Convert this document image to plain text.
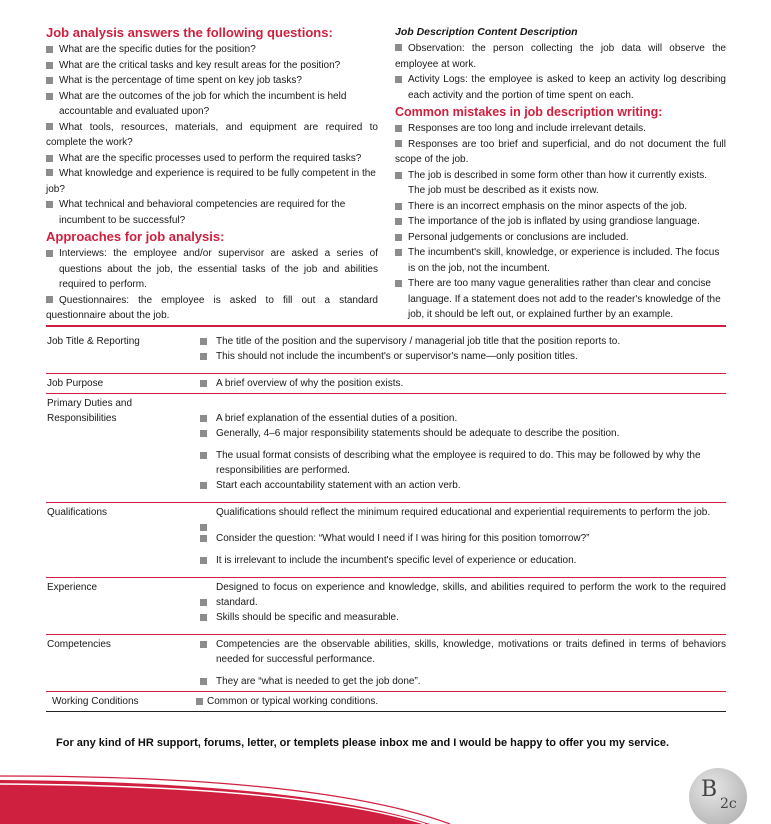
Job analysis answers the following questions:
What are the specific duties for the position?
What are the critical tasks and key result areas for the position?
What is the percentage of time spent on key job tasks?
What are the outcomes of the job for which the incumbent is held accountable and evaluated upon?
What tools, resources, materials, and equipment are required to complete the work?
What are the specific processes used to perform the required tasks?
What knowledge and experience is required to be fully competent in the job?
What technical and behavioral competencies are required for the incumbent to be successful?
Approaches for job analysis:
Interviews: the employee and/or supervisor are asked a series of questions about the job, the essential tasks of the job and abilities required to perform.
Questionnaires: the employee is asked to fill out a standard questionnaire about the job.
Job Description Content Description
Observation: the person collecting the job data will observe the employee at work.
Activity Logs: the employee is asked to keep an activity log describing each activity and the portion of time spent on each.
Common mistakes in job description writing:
Responses are too long and include irrelevant details.
Responses are too brief and superficial, and do not document the full scope of the job.
The job is described in some form other than how it currently exists. The job must be described as it exists now.
There is an incorrect emphasis on the minor aspects of the job.
The importance of the job is inflated by using grandiose language.
Personal judgements or conclusions are included.
The incumbent's skill, knowledge, or experience is included. The focus is on the job, not the incumbent.
There are too many vague generalities rather than clear and concise language. If a statement does not add to the reader's knowledge of the job, it should be left out, or explained further by an example.
Job Title & Reporting	The title of the position and the supervisory / managerial job title that the position reports to.
This should not include the incumbent's or supervisor's name—only position titles.

Job Purpose	A brief overview of why the position exists.

Primary Duties and Responsibilities	A brief explanation of the essential duties of a position.
Generally, 4–6 major responsibility statements should be adequate to describe the position.
The usual format consists of describing what the employee is required to do. This may be followed by why the responsibilities are performed.
Start each accountability statement with an action verb.

Qualifications	Qualifications should reflect the minimum required educational and experiential requirements to perform the job.
Consider the question: “What would I need if I was hiring for this position tomorrow?”
It is irrelevant to include the incumbent's specific level of experience or education.

Experience	Designed to focus on experience and knowledge, skills, and abilities required to perform the work to the required standard.
Skills should be specific and measurable.

Competencies	Competencies are the observable abilities, skills, knowledge, motivations or traits defined in terms of behaviors needed for successful performance.
They are “what is needed to get the job done”.

Working Conditions	Common or typical working conditions.
For any kind of HR support, forums, letter, or templets please inbox me and I would be happy to offer you my service.
B
2c
